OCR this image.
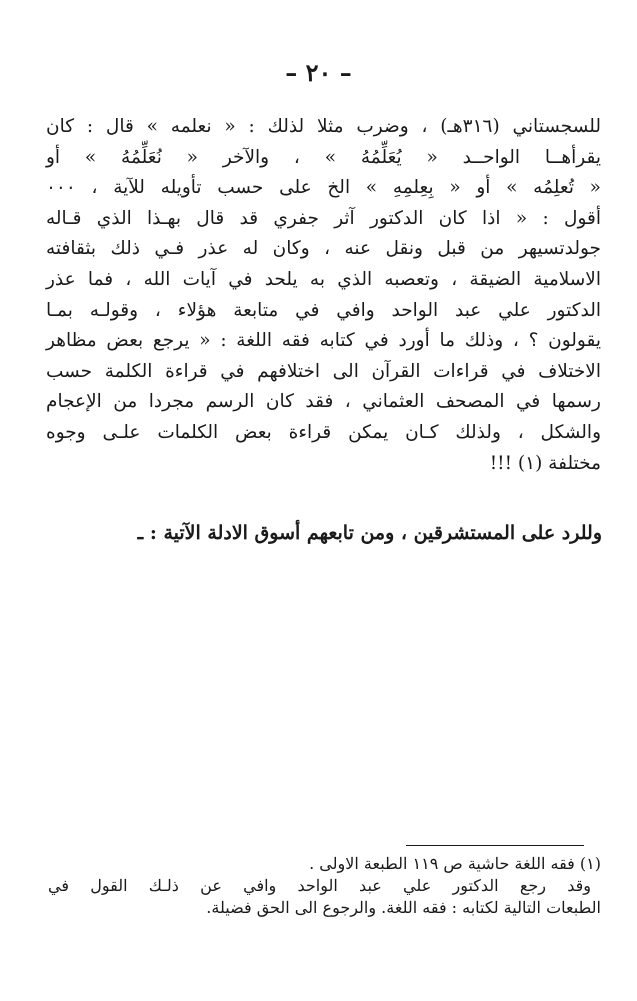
– ٢٠ –
للسجستاني (٣١٦هـ) ، وضرب مثلا لذلك : « نعلمه » قال : كان
يقرأهــا الواحــد « يُعَلِّمُهُ » ، والآخر « نُعَلِّمُهُ » أو
« تُعلِمُه » أو « بِعِلمِهِ » الخ على حسب تأويله للآية ، ٠٠٠
أقول : « اذا كان الدكتور آثر جفري قد قال بهـذا الذي قـاله
جولدتسيهر من قبل ونقل عنه ، وكان له عذر فـي ذلك بثقافته
الاسلامية الضيقة ، وتعصبه الذي به يلحد في آيات الله ، فما عذر
الدكتور علي عبد الواحد وافي في متابعة هؤلاء ، وقولـه بمـا
يقولون ؟ ، وذلك ما أورد في كتابه فقه اللغة : « يرجع بعض مظاهر
الاختلاف في قراءات القرآن الى اختلافهم في قراءة الكلمة حسب
رسمها في المصحف العثماني ، فقد كان الرسم مجردا من الإعجام
والشكل ، ولذلك كـان يمكن قراءة بعض الكلمات علـى وجوه
مختلفة (١) !!!
وللرد على المستشرقين ، ومن تابعهم أسوق الادلة الآتية : ـ
(١) فقه اللغة حاشية ص ١١٩ الطبعة الاولى .
وقد رجع الدكتور علي عبد الواحد وافي عن ذلـك القول في
الطبعات التالية لكتابه : فقه اللغة. والرجوع الى الحق فضيلة.
